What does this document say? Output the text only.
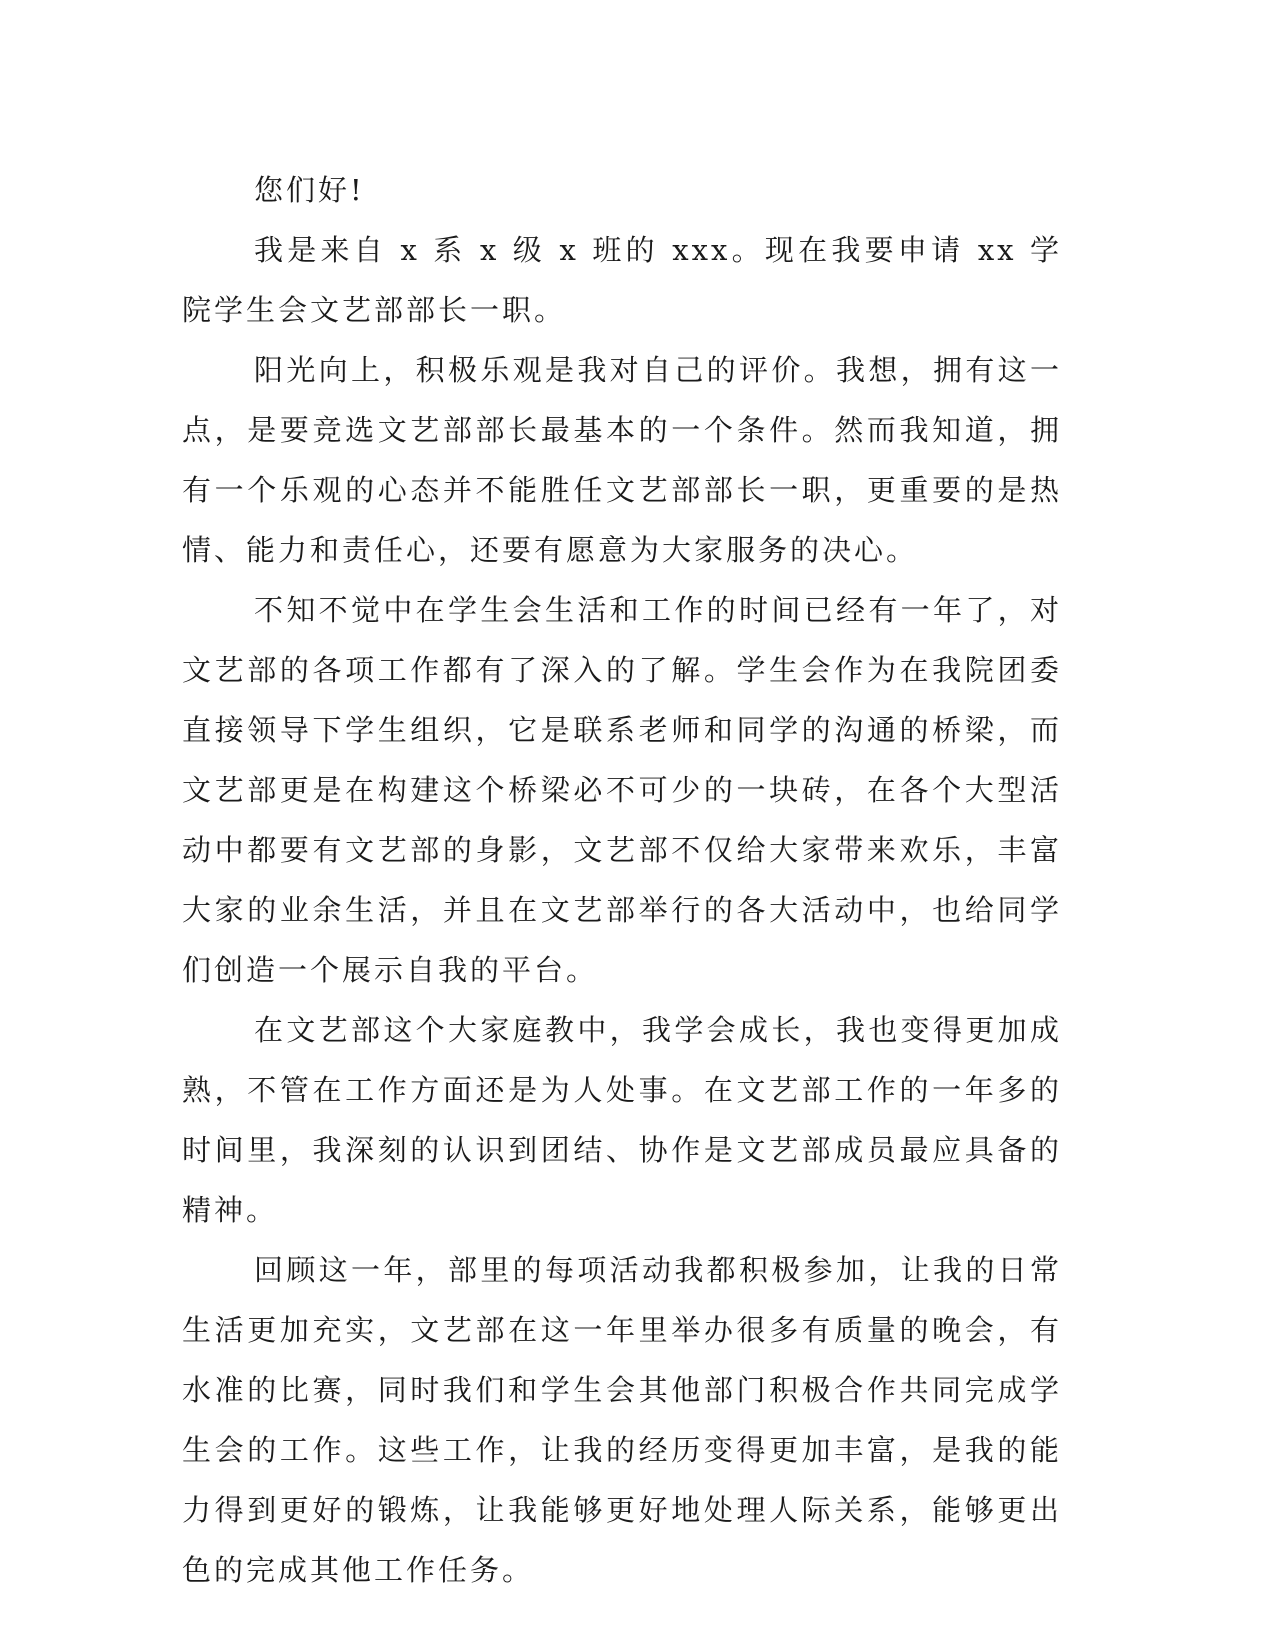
您们好!

我是来自 x 系 x 级 x 班的 xxx。现在我要申请 xx 学院学生会文艺部部长一职。

阳光向上，积极乐观是我对自己的评价。我想，拥有这一点，是要竞选文艺部部长最基本的一个条件。然而我知道，拥有一个乐观的心态并不能胜任文艺部部长一职，更重要的是热情、能力和责任心，还要有愿意为大家服务的决心。

不知不觉中在学生会生活和工作的时间已经有一年了，对文艺部的各项工作都有了深入的了解。学生会作为在我院团委直接领导下学生组织，它是联系老师和同学的沟通的桥梁，而文艺部更是在构建这个桥梁必不可少的一块砖，在各个大型活动中都要有文艺部的身影，文艺部不仅给大家带来欢乐，丰富大家的业余生活，并且在文艺部举行的各大活动中，也给同学们创造一个展示自我的平台。

在文艺部这个大家庭教中，我学会成长，我也变得更加成熟，不管在工作方面还是为人处事。在文艺部工作的一年多的时间里，我深刻的认识到团结、协作是文艺部成员最应具备的精神。

回顾这一年，部里的每项活动我都积极参加，让我的日常生活更加充实，文艺部在这一年里举办很多有质量的晚会，有水准的比赛，同时我们和学生会其他部门积极合作共同完成学生会的工作。这些工作，让我的经历变得更加丰富，是我的能力得到更好的锻炼，让我能够更好地处理人际关系，能够更出色的完成其他工作任务。
